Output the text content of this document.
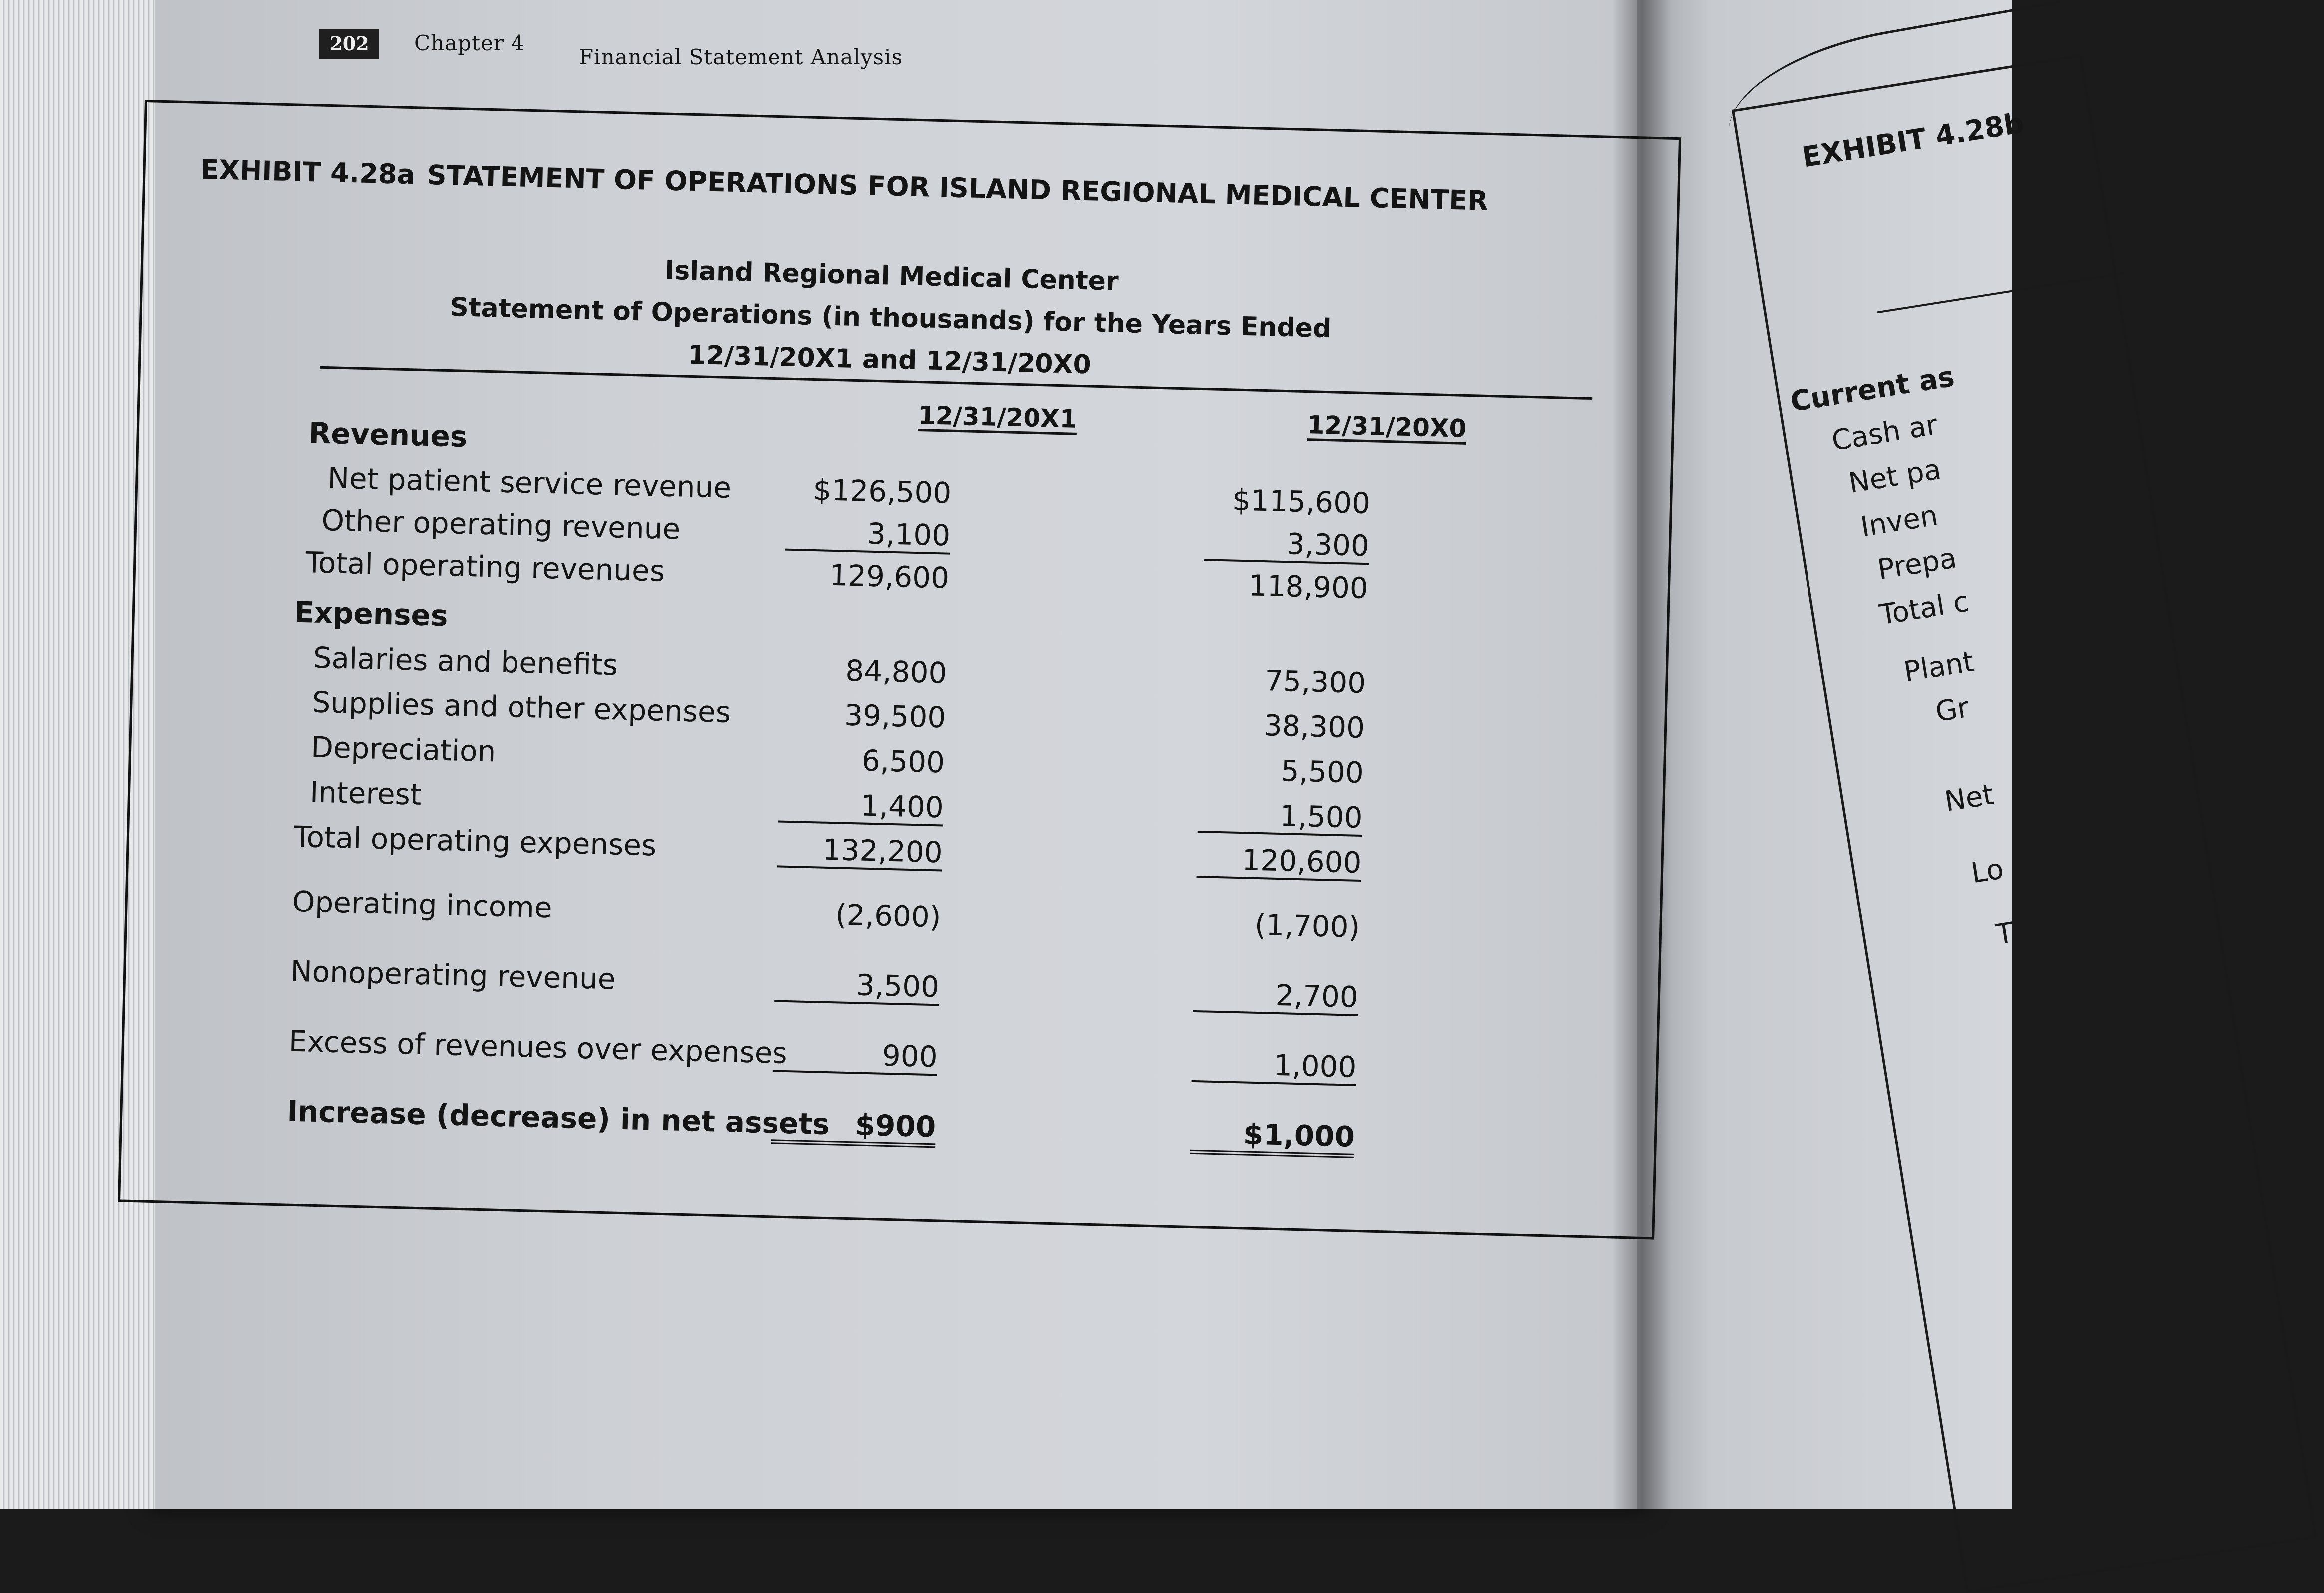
202	Chapter 4
Financial Statement Analysis
EXHIBIT 4.28a STATEMENT OF OPERATIONS FOR ISLAND REGIONAL MEDICAL CENTER
Island Regional Medical Center
Statement of Operations (in thousands) for the Years Ended
12/31/20X1 and 12/31/20X0
12/31/20X1	12/31/20X0
Revenues
Net patient service revenue	$126,500	$115,600
Other operating revenue	3,100	3,300
Total operating revenues	129,600	118,900
Expenses
Salaries and benefits	84,800	75,300
Supplies and other expenses	39,500	38,300
Depreciation	6,500	5,500
Interest	1,400	1,500
Total operating expenses	132,200	120,600
Operating income	(2,600)	(1,700)
Nonoperating revenue	3,500	2,700
Excess of revenues over expenses	900	1,000
Increase (decrease) in net assets $900	$1,000
EXHIBIT 4.28b
Current as
Cash ar
Net pa
Inven
Prepa
Total c
Plant
Gr
Net
Lo
T
